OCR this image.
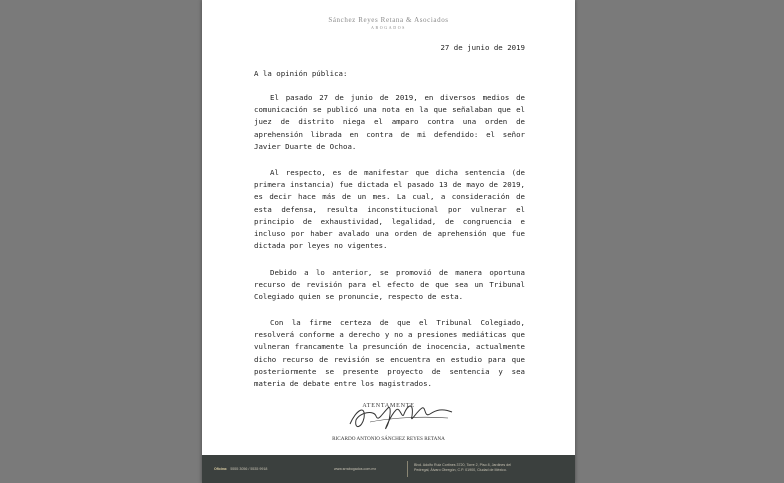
Sánchez Reyes Retana & Asociados
ABOGADOS
27 de junio de 2019
A la opinión pública:

El pasado 27 de junio de 2019, en diversos medios de comunicación se publicó una nota en la que señalaban que el juez de distrito niega el amparo contra una orden de aprehensión librada en contra de mi defendido: el señor Javier Duarte de Ochoa.

Al respecto, es de manifestar que dicha sentencia (de primera instancia) fue dictada el pasado 13 de mayo de 2019, es decir hace más de un mes. La cual, a consideración de esta defensa, resulta inconstitucional por vulnerar el principio de exhaustividad, legalidad, de congruencia e incluso por haber avalado una orden de aprehensión que fue dictada por leyes no vigentes.

Debido a lo anterior, se promovió de manera oportuna recurso de revisión para el efecto de que sea un Tribunal Colegiado quien se pronuncie, respecto de esta.

Con la firme certeza de que el Tribunal Colegiado, resolverá conforme a derecho y no a presiones mediáticas que vulneran francamente la presunción de inocencia, actualmente dicho recurso de revisión se encuentra en estudio para que posteriormente se presente proyecto de sentencia y sea materia de debate entre los magistrados.

ATENTAMENTE
RICARDO ANTONIO SÁNCHEZ REYES RETANA
Oficina: 5555 3056 / 5535 9918	www.srrabogados.com.mx
Blvd. Adolfo Ruiz Cortines 3720, Torre 2, Piso 8, Jardines del
Pedregal, Álvaro Obregón, C.P. 01900, Ciudad de México.
